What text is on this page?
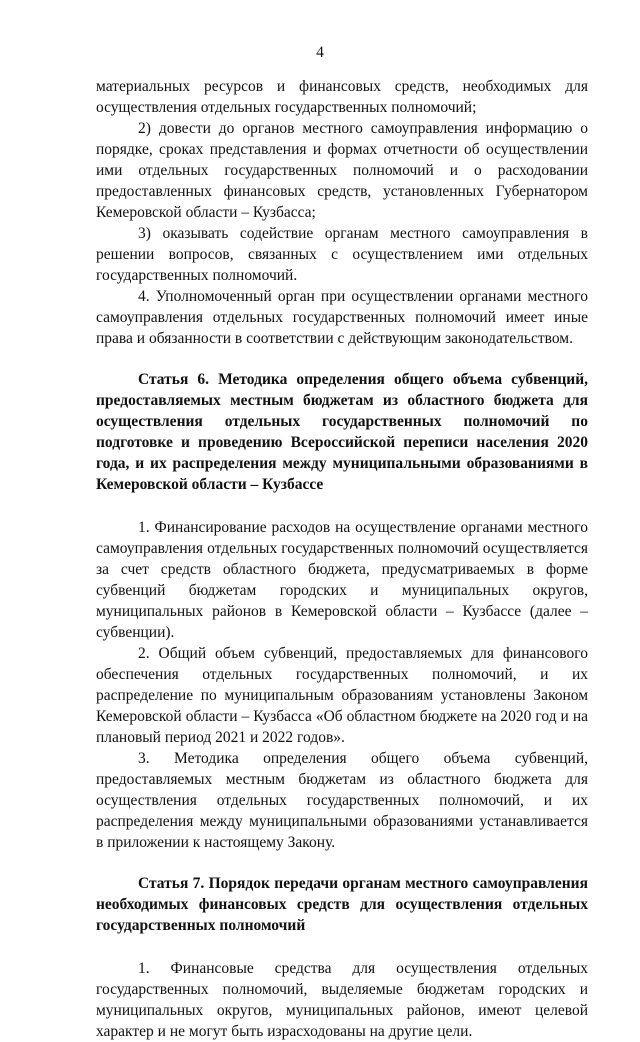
4

материальных ресурсов и финансовых средств, необходимых для осуществления отдельных государственных полномочий;

2) довести до органов местного самоуправления информацию о порядке, сроках представления и формах отчетности об осуществлении ими отдельных государственных полномочий и о расходовании предоставленных финансовых средств, установленных Губернатором Кемеровской области – Кузбасса;

3) оказывать содействие органам местного самоуправления в решении вопросов, связанных с осуществлением ими отдельных государственных полномочий.

4. Уполномоченный орган при осуществлении органами местного самоуправления отдельных государственных полномочий имеет иные права и обязанности в соответствии с действующим законодательством.

Статья 6. Методика определения общего объема субвенций, предоставляемых местным бюджетам из областного бюджета для осуществления отдельных государственных полномочий по подготовке и проведению Всероссийской переписи населения 2020 года, и их распределения между муниципальными образованиями в Кемеровской области – Кузбассе

1. Финансирование расходов на осуществление органами местного самоуправления отдельных государственных полномочий осуществляется за счет средств областного бюджета, предусматриваемых в форме субвенций бюджетам городских и муниципальных округов, муниципальных районов в Кемеровской области – Кузбассе (далее – субвенции).

2. Общий объем субвенций, предоставляемых для финансового обеспечения отдельных государственных полномочий, и их распределение по муниципальным образованиям установлены Законом Кемеровской области – Кузбасса «Об областном бюджете на 2020 год и на плановый период 2021 и 2022 годов».

3. Методика определения общего объема субвенций, предоставляемых местным бюджетам из областного бюджета для осуществления отдельных государственных полномочий, и их распределения между муниципальными образованиями устанавливается в приложении к настоящему Закону.

Статья 7. Порядок передачи органам местного самоуправления необходимых финансовых средств для осуществления отдельных государственных полномочий

1. Финансовые средства для осуществления отдельных государственных полномочий, выделяемые бюджетам городских и муниципальных округов, муниципальных районов, имеют целевой характер и не могут быть израсходованы на другие цели.
